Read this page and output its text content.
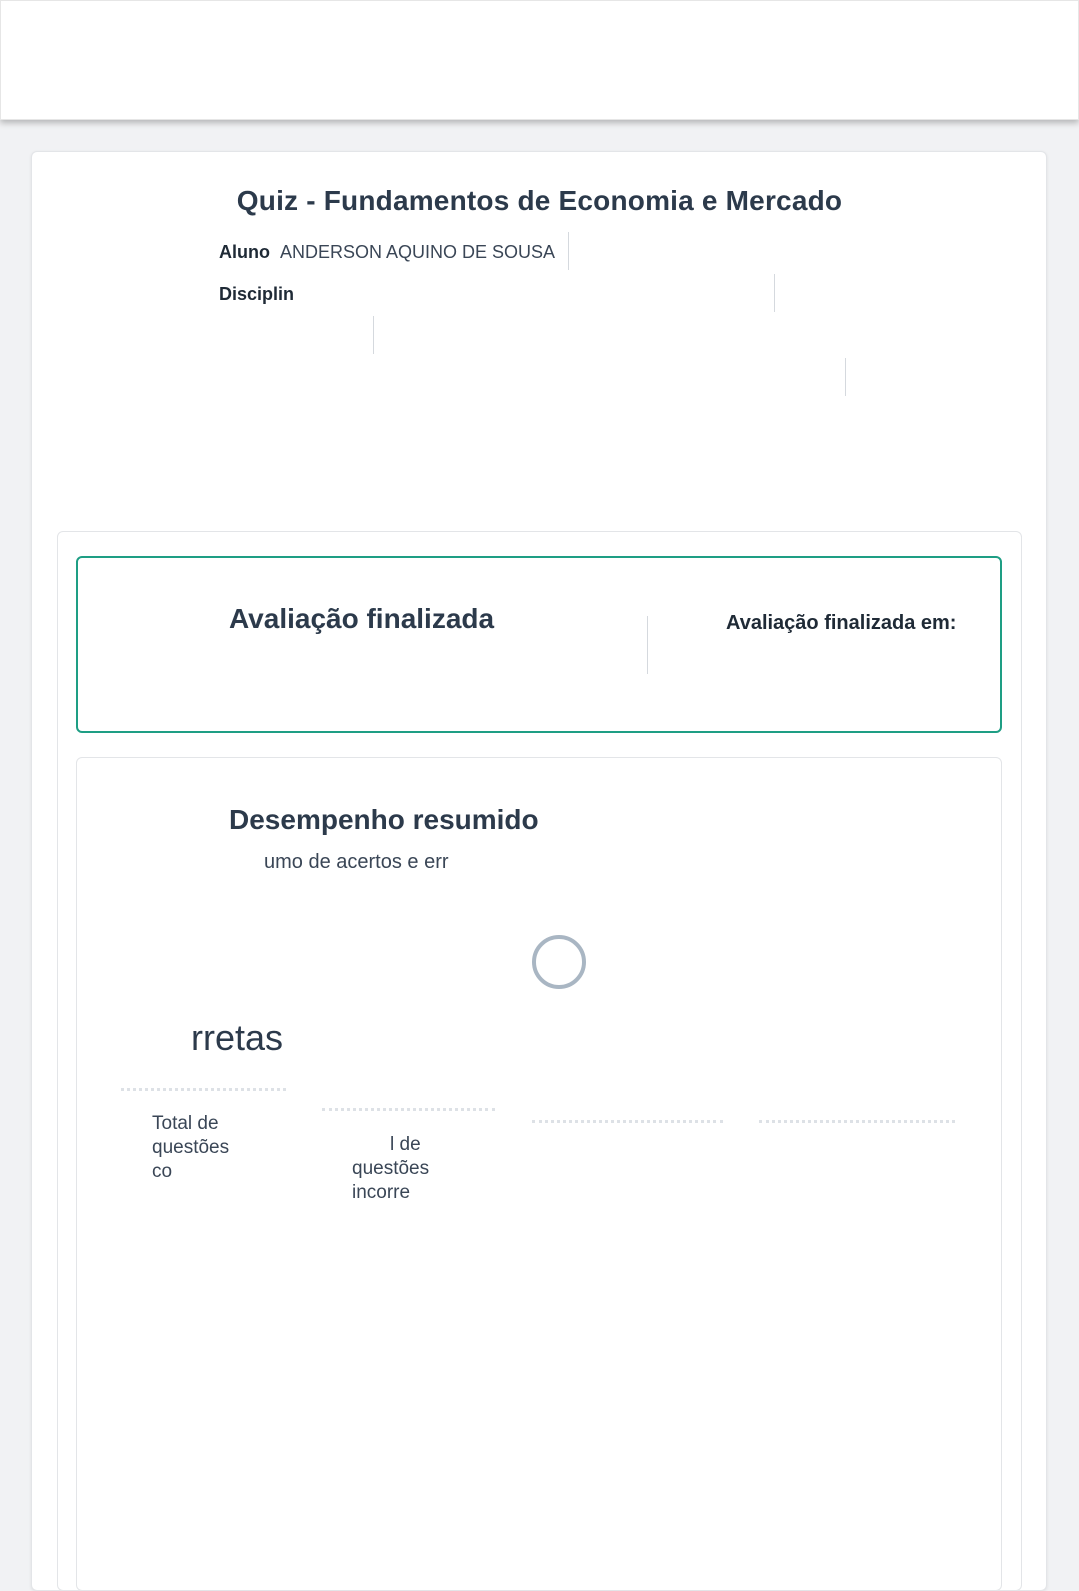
Quiz - Fundamentos de Economia e Mercado
Aluno ANDERSON AQUINO DE SOUSA
Disciplin
Avaliação finalizada	Avaliação finalizada em:
Desempenho resumido
umo de acertos e err
rretas
Total de
questões
co
l de
questões
incorre
